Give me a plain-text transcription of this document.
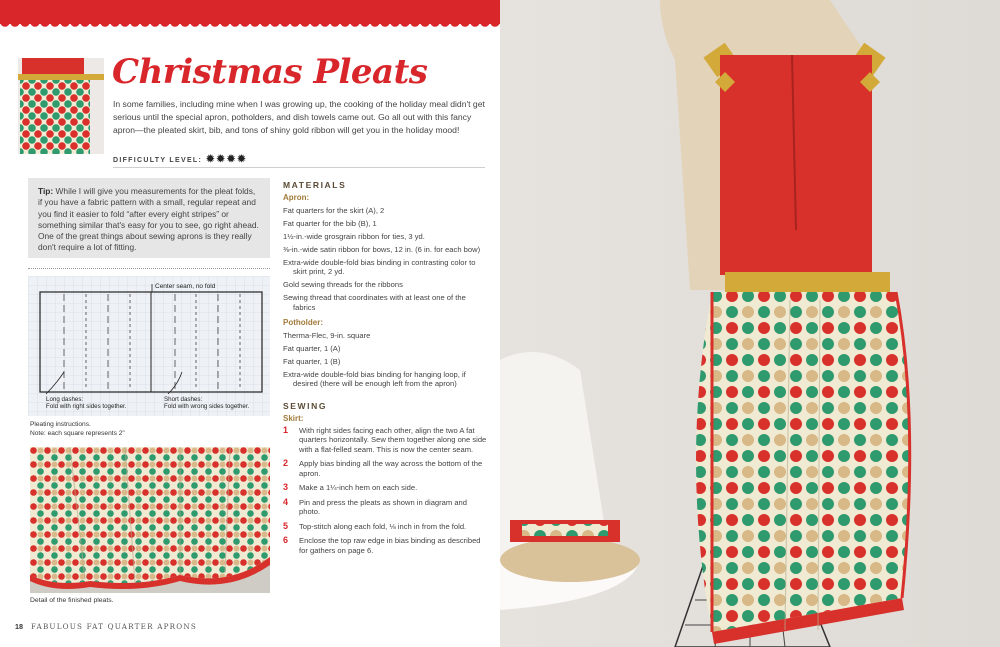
Christmas Pleats

In some families, including mine when I was growing up, the cooking of the holiday meal didn't get serious until the special apron, potholders, and dish towels came out. Go all out with this fancy apron—the pleated skirt, bib, and tons of shiny gold ribbon will get you in the holiday mood!

DIFFICULTY LEVEL: ✹✹✹✹
Tip: While I will give you measurements for the pleat folds, if you have a fabric pattern with a small, regular repeat and you find it easier to fold “after every eight stripes” or something similar that's easy for you to see, go right ahead. One of the great things about sewing aprons is they really don't require a lot of fitting.
Center seam, no fold
Long dashes:
Fold with right sides together.
Short dashes:
Fold with wrong sides together.
Pleating instructions.
Note: each square represents 2"
Detail of the finished pleats.
MATERIALS
Apron:
Fat quarters for the skirt (A), 2
Fat quarter for the bib (B), 1
1½-in.-wide grosgrain ribbon for ties, 3 yd.
⅜-in.-wide satin ribbon for bows, 12 in. (6 in. for each bow)
Extra-wide double-fold bias binding in contrasting color to skirt print, 2 yd.
Gold sewing threads for the ribbons
Sewing thread that coordinates with at least one of the fabrics
Potholder:
Therma-Flec, 9-in. square
Fat quarter, 1 (A)
Fat quarter, 1 (B)
Extra-wide double-fold bias binding for hanging loop, if desired (there will be enough left from the apron)
SEWING
Skirt:
1	With right sides facing each other, align the two A fat quarters horizontally. Sew them together along one side with a flat-felled seam. This is now the center seam.
2	Apply bias binding all the way across the bottom of the apron.
3	Make a 1¼-inch hem on each side.
4	Pin and press the pleats as shown in diagram and photo.
5	Top-stitch along each fold, ⅛ inch in from the fold.
6	Enclose the top raw edge in bias binding as described for gathers on page 6.
18 FABULOUS FAT QUARTER APRONS
